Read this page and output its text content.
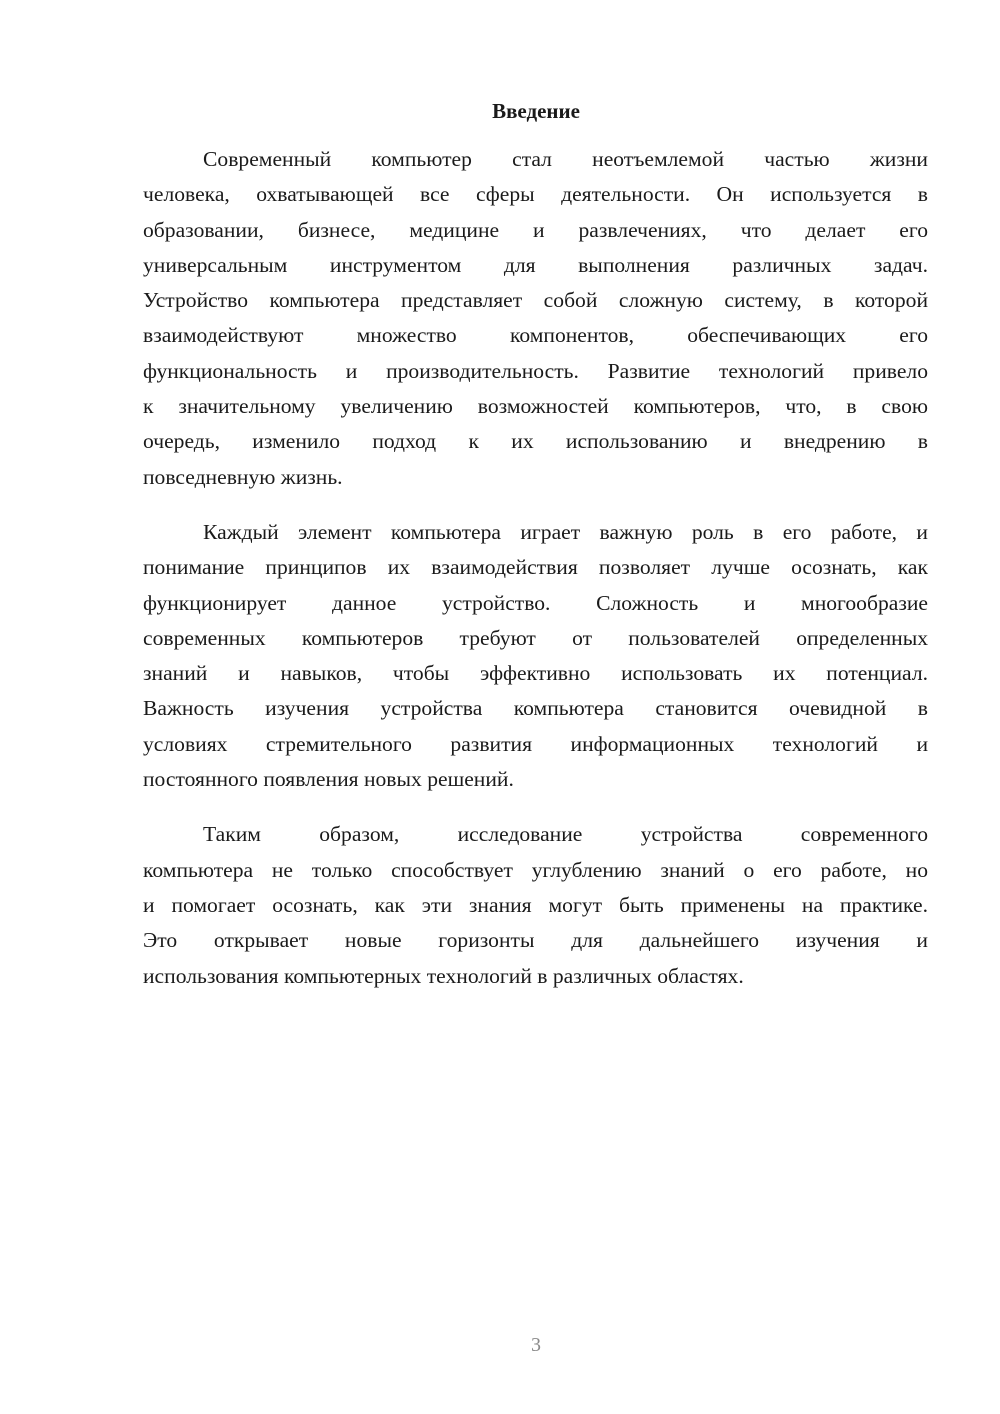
Введение
Современный компьютер стал неотъемлемой частью жизни
человека, охватывающей все сферы деятельности. Он используется в
образовании, бизнесе, медицине и развлечениях, что делает его
универсальным инструментом для выполнения различных задач.
Устройство компьютера представляет собой сложную систему, в которой
взаимодействуют множество компонентов, обеспечивающих его
функциональность и производительность. Развитие технологий привело
к значительному увеличению возможностей компьютеров, что, в свою
очередь, изменило подход к их использованию и внедрению в
повседневную жизнь.
Каждый элемент компьютера играет важную роль в его работе, и
понимание принципов их взаимодействия позволяет лучше осознать, как
функционирует данное устройство. Сложность и многообразие
современных компьютеров требуют от пользователей определенных
знаний и навыков, чтобы эффективно использовать их потенциал.
Важность изучения устройства компьютера становится очевидной в
условиях стремительного развития информационных технологий и
постоянного появления новых решений.
Таким образом, исследование устройства современного
компьютера не только способствует углублению знаний о его работе, но
и помогает осознать, как эти знания могут быть применены на практике.
Это открывает новые горизонты для дальнейшего изучения и
использования компьютерных технологий в различных областях.
3
